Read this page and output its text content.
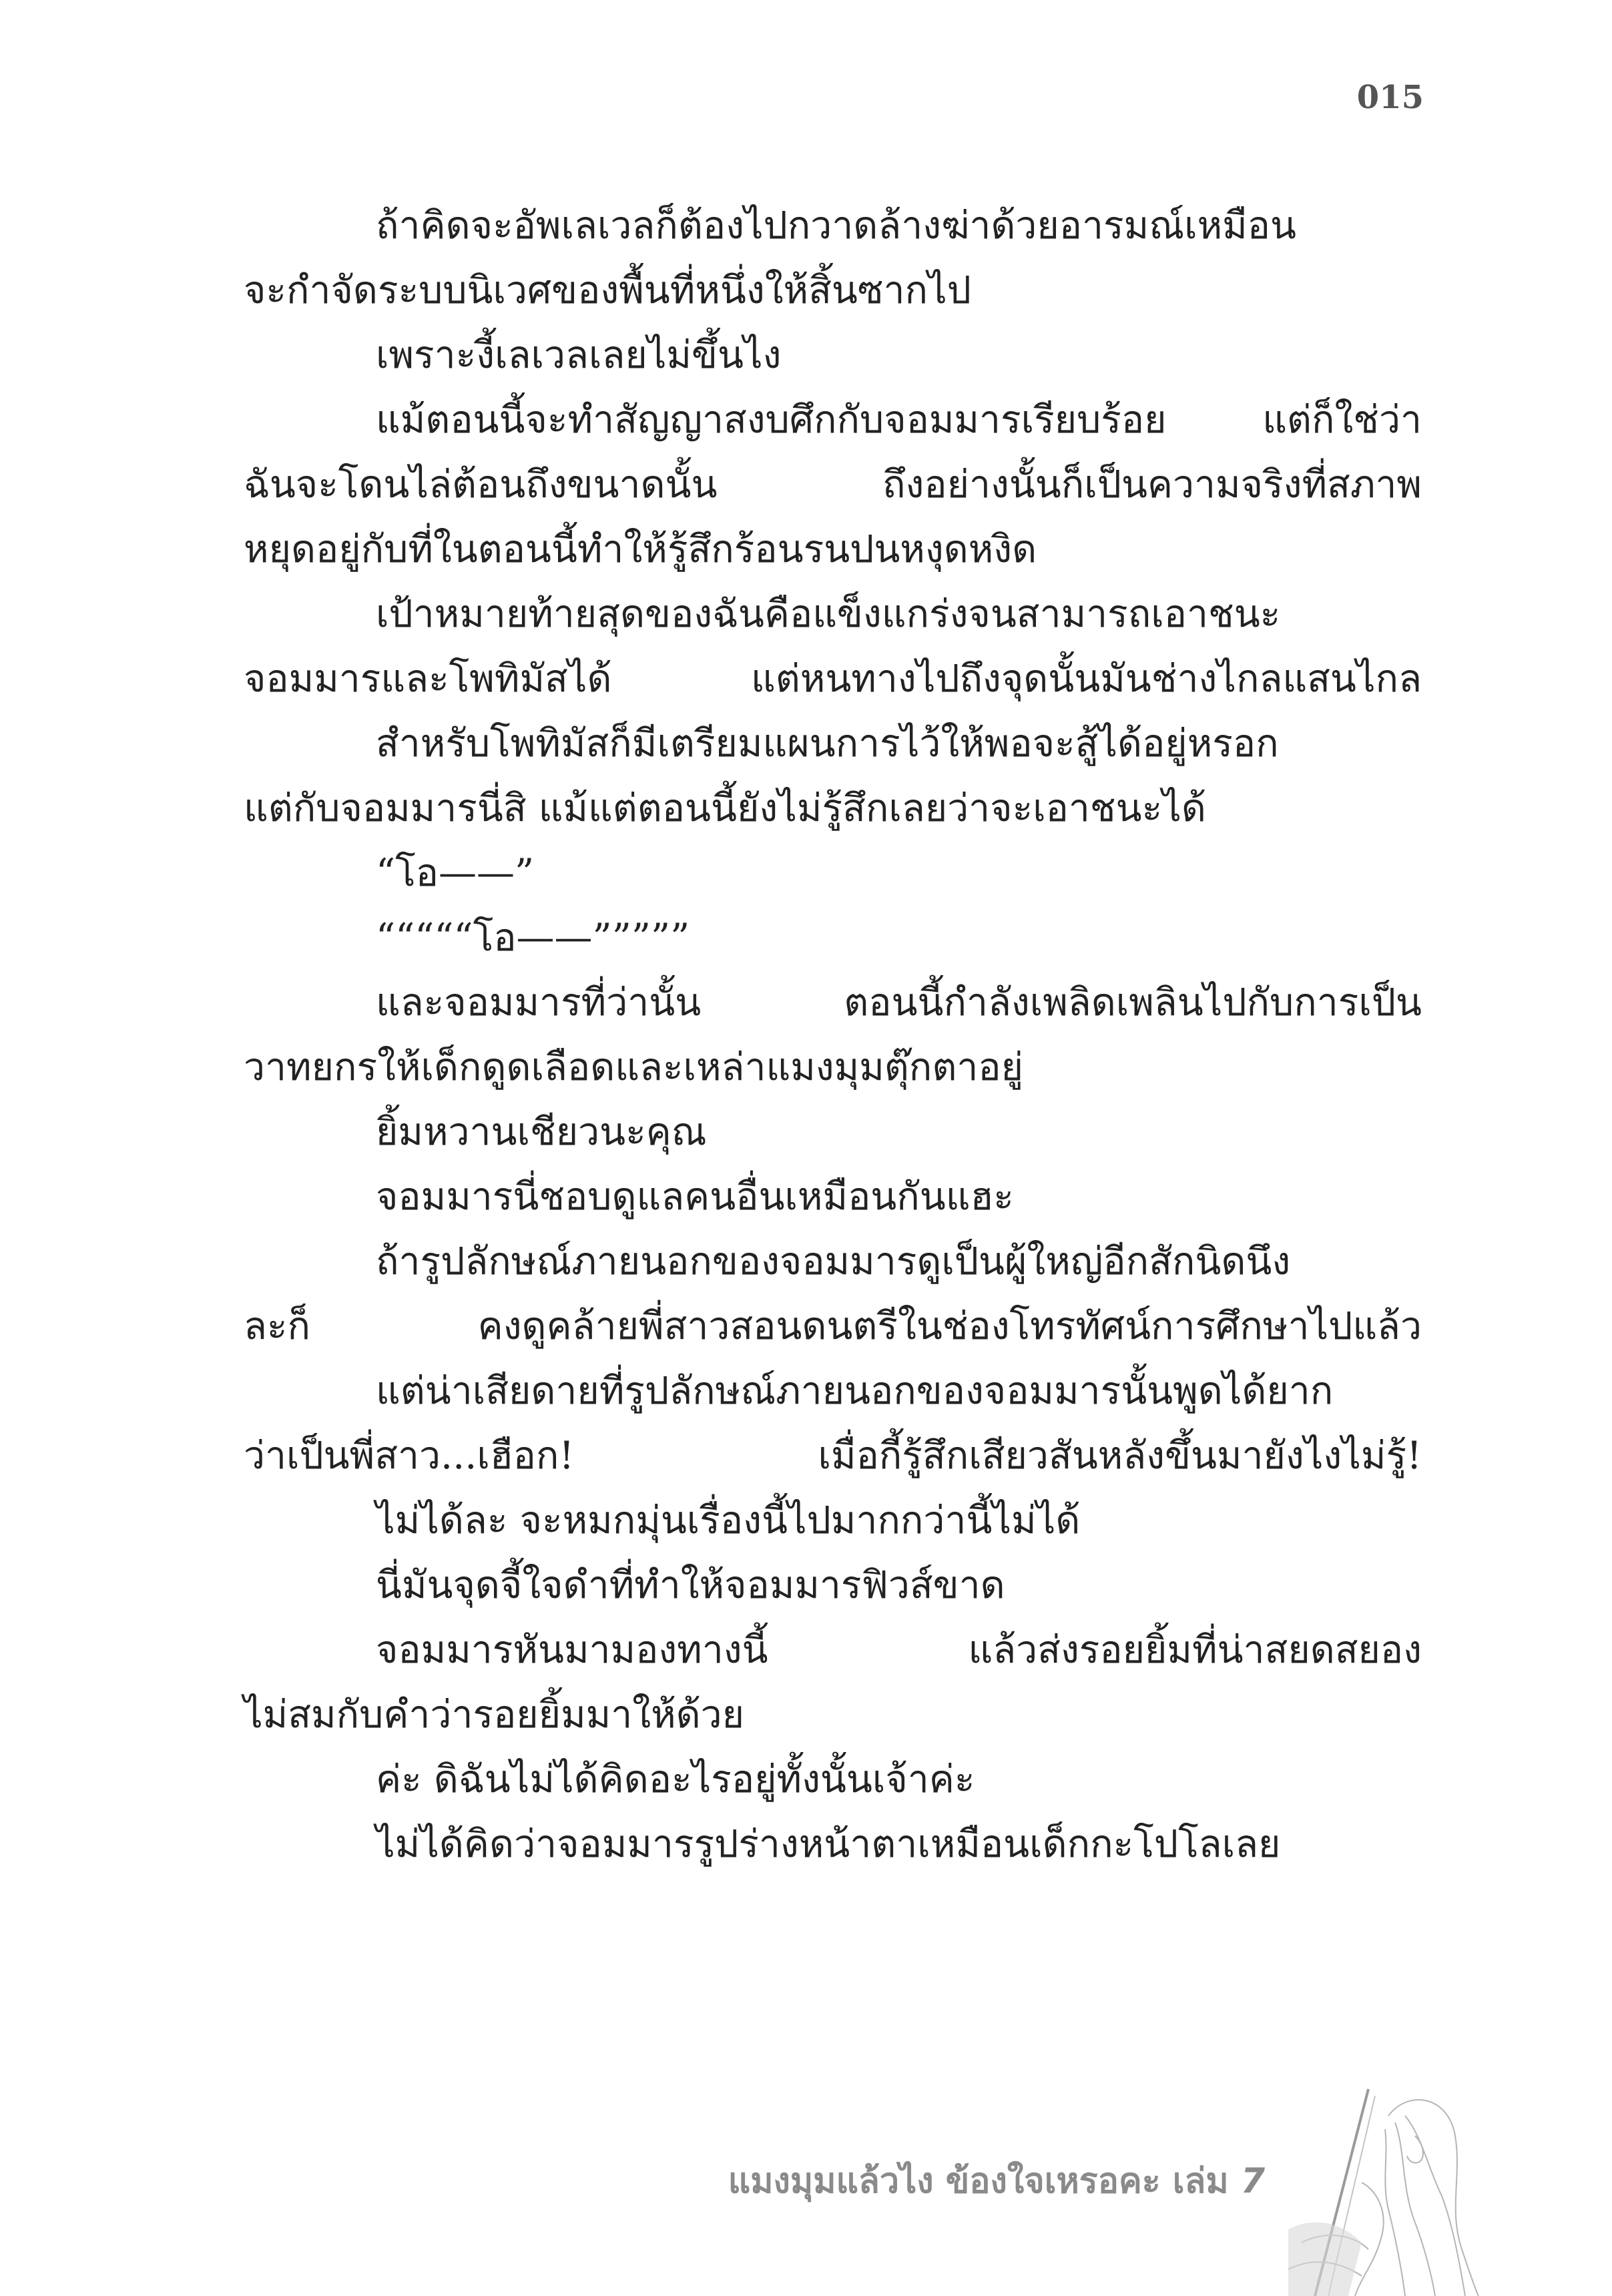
015
ถ้าคิดจะอัพเลเวลก็ต้องไปกวาดล้างฆ่าด้วยอารมณ์เหมือน
จะกำจัดระบบนิเวศของพื้นที่หนึ่งให้สิ้นซากไป
เพราะงี้เลเวลเลยไม่ขึ้นไง
แม้ตอนนี้จะทำสัญญาสงบศึกกับจอมมารเรียบร้อย แต่ก็ใช่ว่า
ฉันจะโดนไล่ต้อนถึงขนาดนั้น ถึงอย่างนั้นก็เป็นความจริงที่สภาพ
หยุดอยู่กับที่ในตอนนี้ทำให้รู้สึกร้อนรนปนหงุดหงิด
เป้าหมายท้ายสุดของฉันคือแข็งแกร่งจนสามารถเอาชนะ
จอมมารและโพทิมัสได้ แต่หนทางไปถึงจุดนั้นมันช่างไกลแสนไกล
สำหรับโพทิมัสก็มีเตรียมแผนการไว้ให้พอจะสู้ได้อยู่หรอก
แต่กับจอมมารนี่สิ แม้แต่ตอนนี้ยังไม่รู้สึกเลยว่าจะเอาชนะได้
“โอ——”
“““““โอ——”””””
และจอมมารที่ว่านั้น ตอนนี้กำลังเพลิดเพลินไปกับการเป็น
วาทยกรให้เด็กดูดเลือดและเหล่าแมงมุมตุ๊กตาอยู่
ยิ้มหวานเชียวนะคุณ
จอมมารนี่ชอบดูแลคนอื่นเหมือนกันแฮะ
ถ้ารูปลักษณ์ภายนอกของจอมมารดูเป็นผู้ใหญ่อีกสักนิดนึง
ละก็ คงดูคล้ายพี่สาวสอนดนตรีในช่องโทรทัศน์การศึกษาไปแล้ว
แต่น่าเสียดายที่รูปลักษณ์ภายนอกของจอมมารนั้นพูดได้ยาก
ว่าเป็นพี่สาว...เฮือก! เมื่อกี้รู้สึกเสียวสันหลังขึ้นมายังไงไม่รู้!
ไม่ได้ละ จะหมกมุ่นเรื่องนี้ไปมากกว่านี้ไม่ได้
นี่มันจุดจี้ใจดำที่ทำให้จอมมารฟิวส์ขาด
จอมมารหันมามองทางนี้ แล้วส่งรอยยิ้มที่น่าสยดสยอง
ไม่สมกับคำว่ารอยยิ้มมาให้ด้วย
ค่ะ ดิฉันไม่ได้คิดอะไรอยู่ทั้งนั้นเจ้าค่ะ
ไม่ได้คิดว่าจอมมารรูปร่างหน้าตาเหมือนเด็กกะโปโลเลย
แมงมุมแล้วไง ข้องใจเหรอคะ เล่ม 7
